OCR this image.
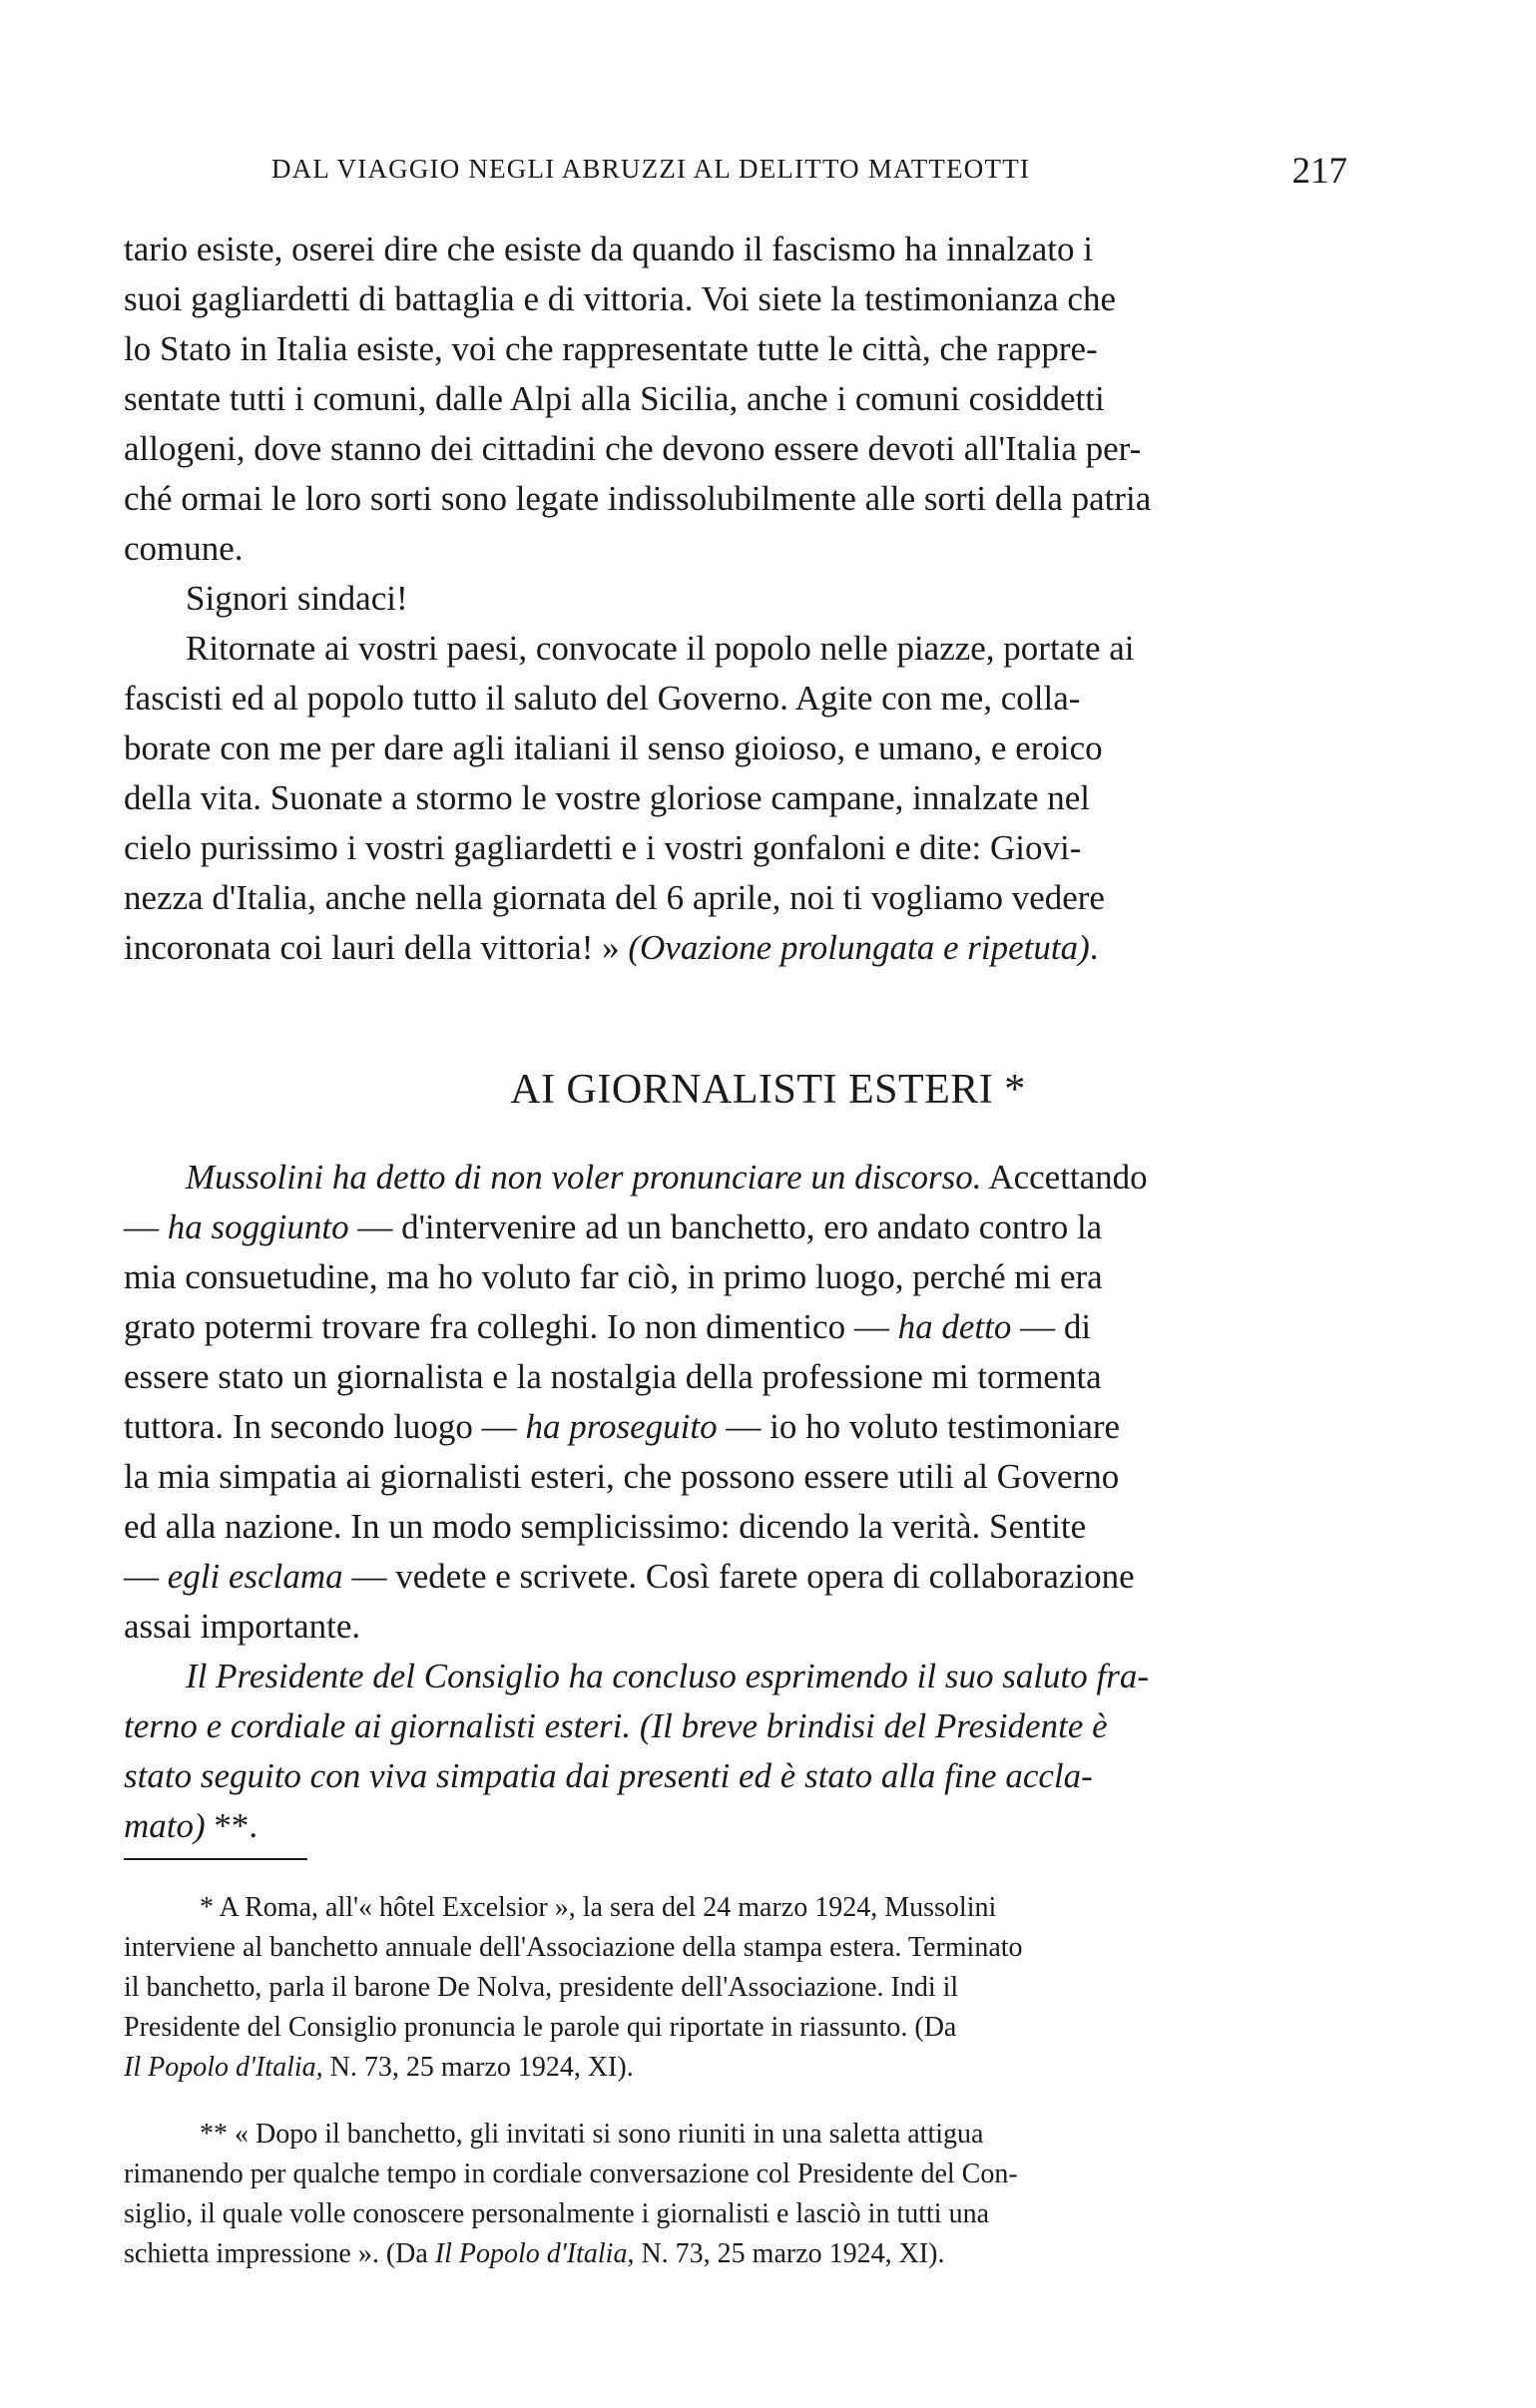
DAL VIAGGIO NEGLI ABRUZZI AL DELITTO MATTEOTTI	217
tario esiste, oserei dire che esiste da quando il fascismo ha innalzato i
suoi gagliardetti di battaglia e di vittoria. Voi siete la testimonianza che
lo Stato in Italia esiste, voi che rappresentate tutte le città, che rappre-
sentate tutti i comuni, dalle Alpi alla Sicilia, anche i comuni cosiddetti
allogeni, dove stanno dei cittadini che devono essere devoti all'Italia per-
ché ormai le loro sorti sono legate indissolubilmente alle sorti della patria
comune.
Signori sindaci!
Ritornate ai vostri paesi, convocate il popolo nelle piazze, portate ai
fascisti ed al popolo tutto il saluto del Governo. Agite con me, colla-
borate con me per dare agli italiani il senso gioioso, e umano, e eroico
della vita. Suonate a stormo le vostre gloriose campane, innalzate nel
cielo purissimo i vostri gagliardetti e i vostri gonfaloni e dite: Giovi-
nezza d'Italia, anche nella giornata del 6 aprile, noi ti vogliamo vedere
incoronata coi lauri della vittoria! » (Ovazione prolungata e ripetuta).
AI GIORNALISTI ESTERI *
Mussolini ha detto di non voler pronunciare un discorso. Accettando
— ha soggiunto — d'intervenire ad un banchetto, ero andato contro la
mia consuetudine, ma ho voluto far ciò, in primo luogo, perché mi era
grato potermi trovare fra colleghi. Io non dimentico — ha detto — di
essere stato un giornalista e la nostalgia della professione mi tormenta
tuttora. In secondo luogo — ha proseguito — io ho voluto testimoniare
la mia simpatia ai giornalisti esteri, che possono essere utili al Governo
ed alla nazione. In un modo semplicissimo: dicendo la verità. Sentite
— egli esclama — vedete e scrivete. Così farete opera di collaborazione
assai importante.
Il Presidente del Consiglio ha concluso esprimendo il suo saluto fra-
terno e cordiale ai giornalisti esteri. (Il breve brindisi del Presidente è
stato seguito con viva simpatia dai presenti ed è stato alla fine accla-
mato) **.
* A Roma, all'« hôtel Excelsior », la sera del 24 marzo 1924, Mussolini
interviene al banchetto annuale dell'Associazione della stampa estera. Terminato
il banchetto, parla il barone De Nolva, presidente dell'Associazione. Indi il
Presidente del Consiglio pronuncia le parole qui riportate in riassunto. (Da
Il Popolo d'Italia, N. 73, 25 marzo 1924, XI).
** « Dopo il banchetto, gli invitati si sono riuniti in una saletta attigua
rimanendo per qualche tempo in cordiale conversazione col Presidente del Con-
siglio, il quale volle conoscere personalmente i giornalisti e lasciò in tutti una
schietta impressione ». (Da Il Popolo d'Italia, N. 73, 25 marzo 1924, XI).
